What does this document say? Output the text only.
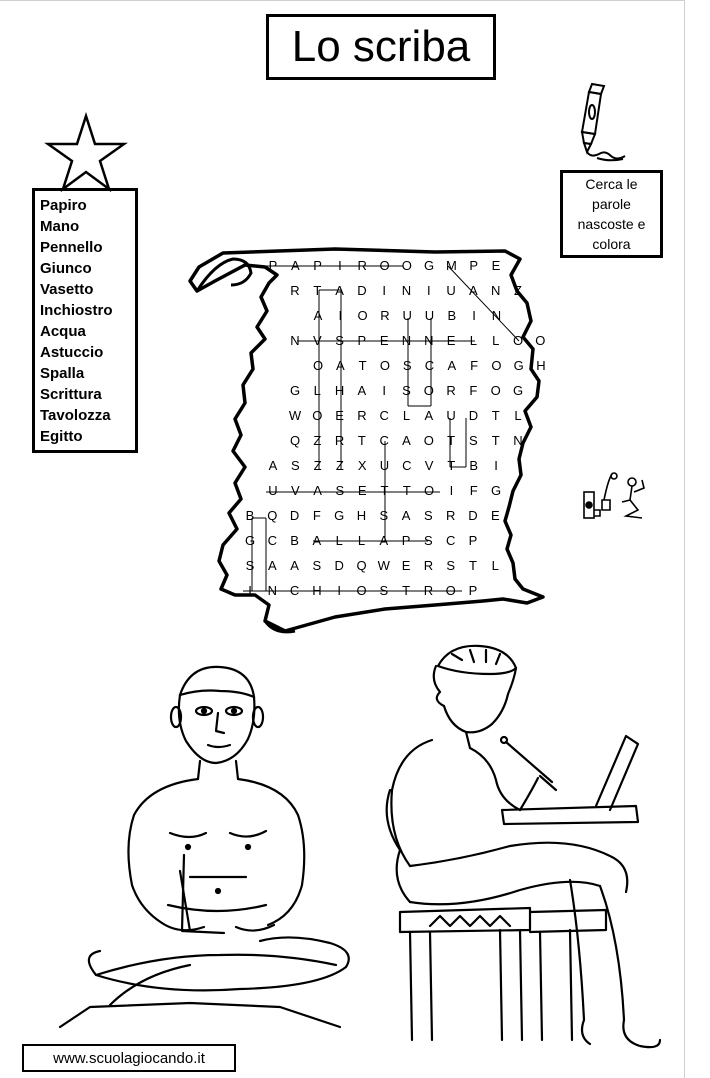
Lo scriba
Papiro
Mano
Pennello
Giunco
Vasetto
Inchiostro
Acqua
Astuccio
Spalla
Scrittura
Tavolozza
Egitto
Cerca le
parole
nascoste e
colora
P	A	P	I	R O O G M P	E
R	T	A	D	I	N	I	U	A	N	Z
A	I	O R U U	B	I	N
N	V	S	P	E	N N	E	L	L	O O
O A	T	O S	C	A	F	O G H
G	L	H	A	I	S O R	F	O G
W O E	R C	L	A	U D	T	L
Q	Z	R	T	C	A O	T	S	T	N
A	S	Z	Z	X	U C	V	T	B	I
U	V	A	S	E	T	T	O	I	F	G
B Q D	F	G H	S	A	S	R D	E
G C	B	A	L	L	A	P	S	C	P
S	A	A	S	D Q W E	R	S	T	L
I	N C H	I	O S	T	R O P
www.scuolagiocando.it
